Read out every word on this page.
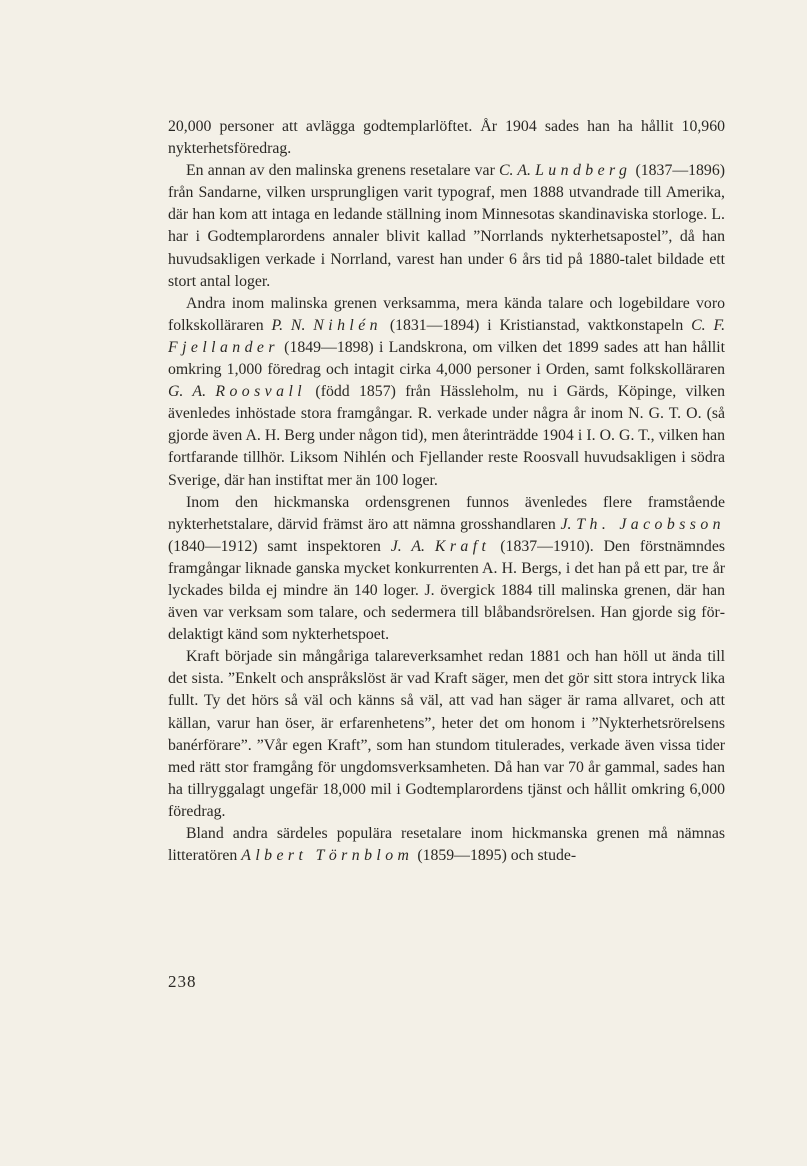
20,000 personer att avlägga godtemplarlöftet. År 1904 sades han ha hållit 10,960 nykterhetsföredrag.

En annan av den malinska grenens resetalare var C. A. Lundberg (1837—1896) från Sandarne, vilken ursprungligen varit typograf, men 1888 utvandrade till Amerika, där han kom att intaga en ledande ställning inom Minnesotas skandinaviska storloge. L. har i Godtemplarordens annaler blivit kallad ”Norrlands nykterhetsapostel”, då han huvudsakligen verkade i Norrland, varest han under 6 års tid på 1880-talet bildade ett stort antal loger.

Andra inom malinska grenen verksamma, mera kända talare och logebildare voro folkskolläraren P. N. Nihlén (1831—1894) i Kristianstad, vaktkonstapeln C. F. Fjellander (1849—1898) i Landskrona, om vilken det 1899 sades att han hållit omkring 1,000 föredrag och intagit cirka 4,000 personer i Orden, samt folkskolläraren G. A. Roosvall (född 1857) från Hässleholm, nu i Gärds, Köpinge, vilken ävenledes inhöstade stora framgångar. R. verkade under några år inom N. G. T. O. (så gjorde även A. H. Berg under någon tid), men återinträdde 1904 i I. O. G. T., vilken han fortfarande tillhör. Liksom Nihlén och Fjellander reste Roosvall huvudsakligen i södra Sverige, där han instiftat mer än 100 loger.

Inom den hickmanska ordensgrenen funnos ävenledes flere framstående nykterhetstalare, därvid främst äro att nämna grosshandlaren J. Th. Jacobsson (1840—1912) samt inspektoren J. A. Kraft (1837—1910). Den förstnämndes framgångar liknade ganska mycket konkurrenten A. H. Bergs, i det han på ett par, tre år lyckades bilda ej mindre än 140 loger. J. övergick 1884 till malinska grenen, där han även var verksam som talare, och sedermera till blåbandsrörelsen. Han gjorde sig fördelaktigt känd som nykterhetspoet.

Kraft började sin mångåriga talareverksamhet redan 1881 och han höll ut ända till det sista. ”Enkelt och anspråkslöst är vad Kraft säger, men det gör sitt stora intryck lika fullt. Ty det hörs så väl och känns så väl, att vad han säger är rama allvaret, och att källan, varur han öser, är erfarenhetens”, heter det om honom i ”Nykterhetsrörelsens banérförare”. ”Vår egen Kraft”, som han stundom titulerades, verkade även vissa tider med rätt stor framgång för ungdomsverksamheten. Då han var 70 år gammal, sades han ha tillryggalagt ungefär 18,000 mil i Godtemplarordens tjänst och hållit omkring 6,000 föredrag.

Bland andra särdeles populära resetalare inom hickmanska grenen må nämnas litteratören Albert Törnblom (1859—1895) och stude-

238
